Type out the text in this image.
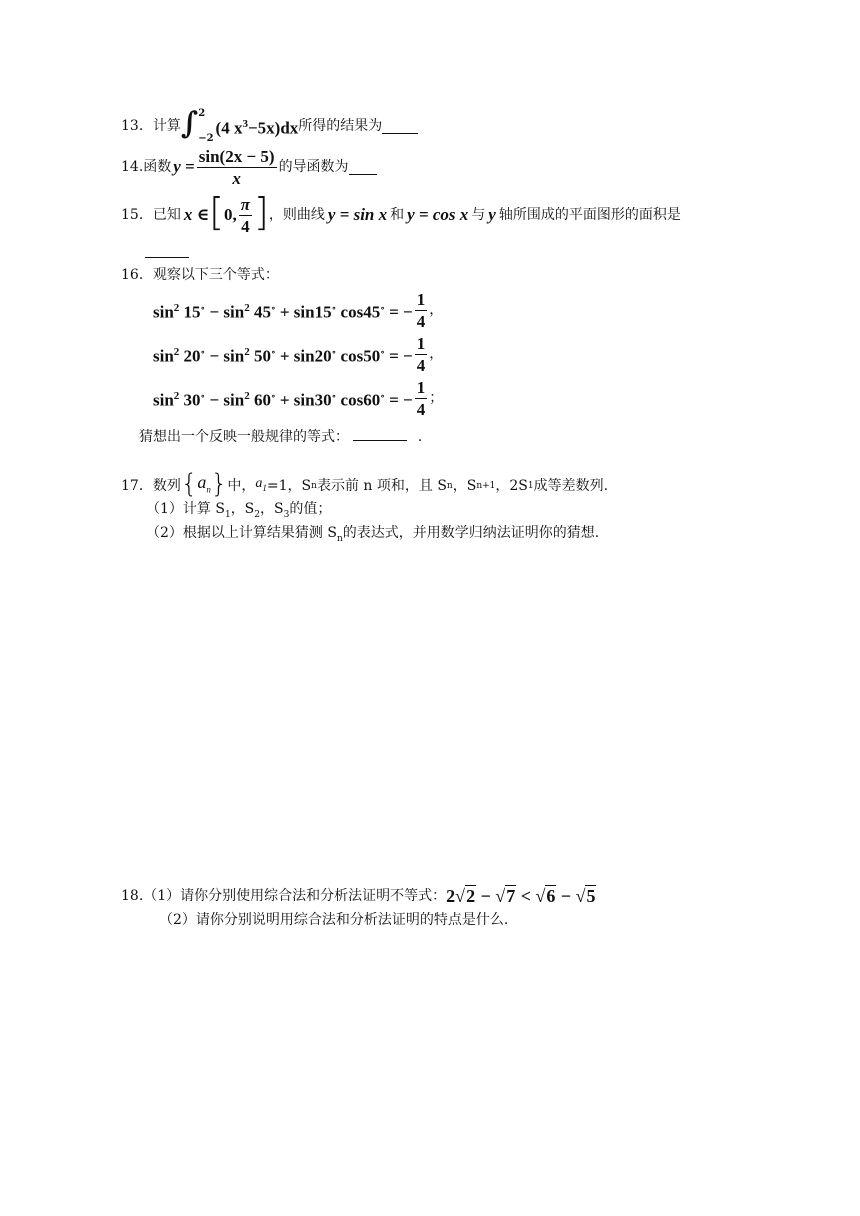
13． 计算 ∫ 2
−2
(4 $x^3-5x)dx$ 所得的结果为
14. 函数 $y = \frac{\sin(2x - 5)}{x}$ 的导函数为
15． 已知 x ∈ [ 0, $\frac{\pi}{4}$ ] ，则曲线 y = sin x 和 y = cos x 与 y 轴所围成的平面图形的面积是
16．观察以下三个等式：
$\sin^2 15^\circ - \sin^2 45^\circ + \sin 15^\circ$ cos45∘ = − $\frac{1}{4}$ ，
$\sin^2 20^\circ - \sin^2 50^\circ + \sin 20^\circ$ cos50∘ = − $\frac{1}{4}$ ，
$\sin^2 30^\circ - \sin^2 60^\circ + \sin 30^\circ$ cos60∘ = − $\frac{1}{4}$ ；
猜想出一个反映一般规律的等式：	.
17． 数列 { $a_n$ } 中， $a_1 =1$，S n 表示前 n 项和，且 S n ，S n+1 ，2S 1 成等差数列.
（1）计算 $S_1$，$S_2$，$S_3$的值；
（2）根据以上计算结果猜测 $S_n$的表达式，并用数学归纳法证明你的猜想.
18. （1）请你分别使用综合法和分析法证明不等式： 2√2 − √7 < √6 − √5
（2）请你分别说明用综合法和分析法证明的特点是什么.
